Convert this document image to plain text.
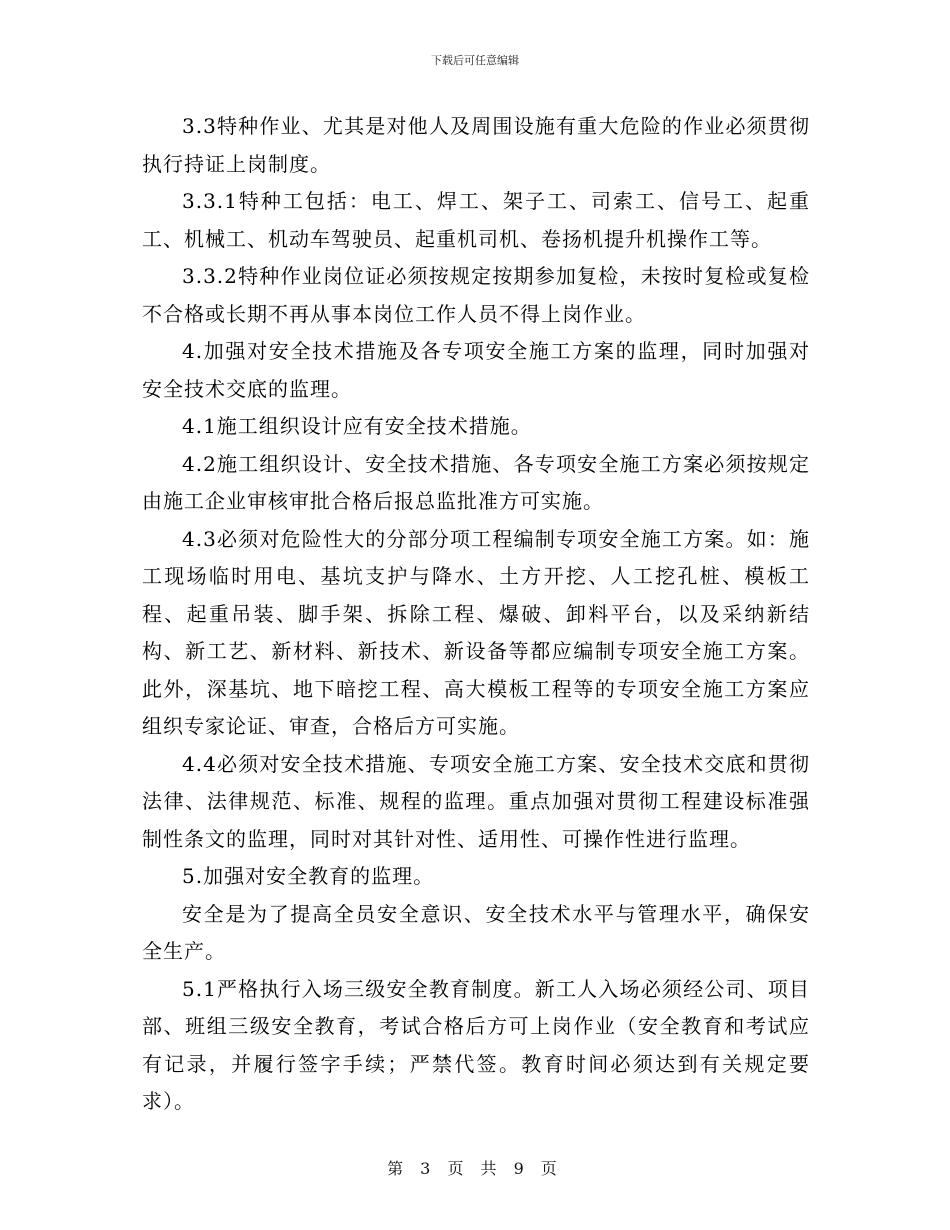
下载后可任意编辑

3.3特种作业、尤其是对他人及周围设施有重大危险的作业必须贯彻执行持证上岗制度。

3.3.1特种工包括：电工、焊工、架子工、司索工、信号工、起重工、机械工、机动车驾驶员、起重机司机、卷扬机提升机操作工等。

3.3.2特种作业岗位证必须按规定按期参加复检，未按时复检或复检不合格或长期不再从事本岗位工作人员不得上岗作业。

4.加强对安全技术措施及各专项安全施工方案的监理，同时加强对安全技术交底的监理。

4.1施工组织设计应有安全技术措施。

4.2施工组织设计、安全技术措施、各专项安全施工方案必须按规定由施工企业审核审批合格后报总监批准方可实施。

4.3必须对危险性大的分部分项工程编制专项安全施工方案。如：施工现场临时用电、基坑支护与降水、土方开挖、人工挖孔桩、模板工程、起重吊装、脚手架、拆除工程、爆破、卸料平台，以及采纳新结构、新工艺、新材料、新技术、新设备等都应编制专项安全施工方案。此外，深基坑、地下暗挖工程、高大模板工程等的专项安全施工方案应组织专家论证、审查，合格后方可实施。

4.4必须对安全技术措施、专项安全施工方案、安全技术交底和贯彻法律、法律规范、标准、规程的监理。重点加强对贯彻工程建设标准强制性条文的监理，同时对其针对性、适用性、可操作性进行监理。

5.加强对安全教育的监理。

安全是为了提高全员安全意识、安全技术水平与管理水平，确保安全生产。

5.1严格执行入场三级安全教育制度。新工人入场必须经公司、项目部、班组三级安全教育，考试合格后方可上岗作业（安全教育和考试应有记录，并履行签字手续；严禁代签。教育时间必须达到有关规定要求）。

第 3 页 共 9 页
